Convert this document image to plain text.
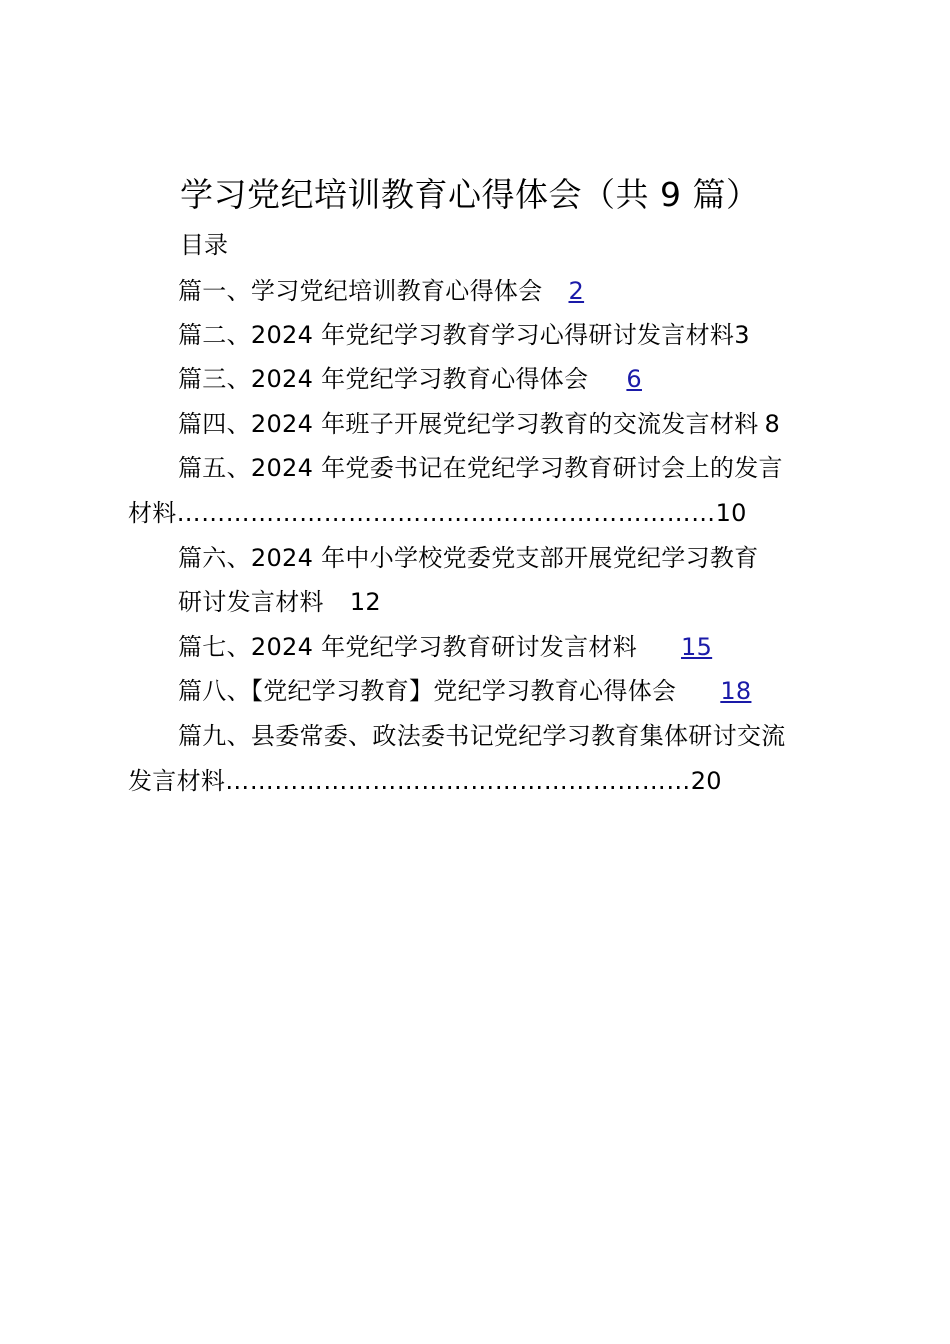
学习党纪培训教育心得体会（共 9 篇）
目录
篇一、学习党纪培训教育心得体会 2
篇二、2024 年党纪学习教育学习心得研讨发言材料3
篇三、2024 年党纪学习教育心得体会 6
篇四、2024 年班子开展党纪学习教育的交流发言材料 8
篇五、2024 年党委书记在党纪学习教育研讨会上的发言
材料…………………………………………………………10
篇六、2024 年中小学校党委党支部开展党纪学习教育
研讨发言材料 12
篇七、2024 年党纪学习教育研讨发言材料 15
篇八、【党纪学习教育】党纪学习教育心得体会 18
篇九、县委常委、政法委书记党纪学习教育集体研讨交流
发言材料…………………………………………………20
